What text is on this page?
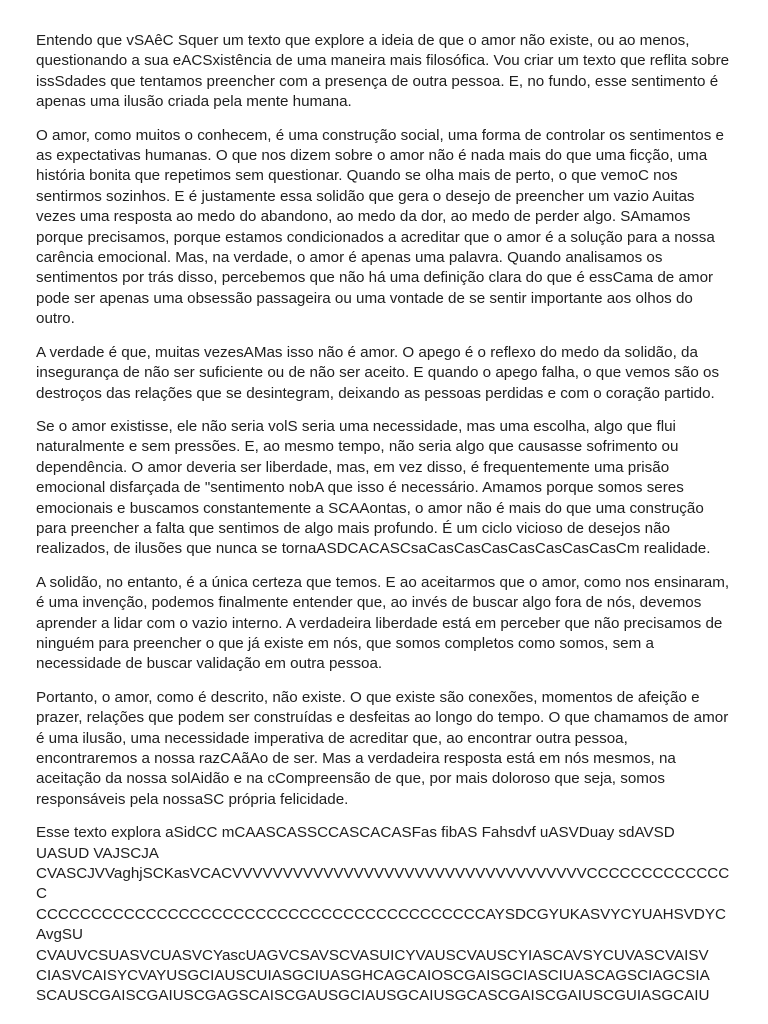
Entendo que vSAêC Squer um texto que explore a ideia de que o amor não existe, ou ao menos, questionando a sua eACSxistência de uma maneira mais filosófica. Vou criar um texto que reflita sobre issSdades que tentamos preencher com a presença de outra pessoa. E, no fundo, esse sentimento é apenas uma ilusão criada pela mente humana.

O amor, como muitos o conhecem, é uma construção social, uma forma de controlar os sentimentos e as expectativas humanas. O que nos dizem sobre o amor não é nada mais do que uma ficção, uma história bonita que repetimos sem questionar. Quando se olha mais de perto, o que vemoC nos sentirmos sozinhos. E é justamente essa solidão que gera o desejo de preencher um vazio Auitas vezes uma resposta ao medo do abandono, ao medo da dor, ao medo de perder algo. SAmamos porque precisamos, porque estamos condicionados a acreditar que o amor é a solução para a nossa carência emocional. Mas, na verdade, o amor é apenas uma palavra. Quando analisamos os sentimentos por trás disso, percebemos que não há uma definição clara do que é essCama de amor pode ser apenas uma obsessão passageira ou uma vontade de se sentir importante aos olhos do outro.

A verdade é que, muitas vezesAMas isso não é amor. O apego é o reflexo do medo da solidão, da insegurança de não ser suficiente ou de não ser aceito. E quando o apego falha, o que vemos são os destroços das relações que se desintegram, deixando as pessoas perdidas e com o coração partido.

Se o amor existisse, ele não seria volS seria uma necessidade, mas uma escolha, algo que flui naturalmente e sem pressões. E, ao mesmo tempo, não seria algo que causasse sofrimento ou dependência. O amor deveria ser liberdade, mas, em vez disso, é frequentemente uma prisão emocional disfarçada de "sentimento nobA que isso é necessário. Amamos porque somos seres emocionais e buscamos constantemente a SCAAontas, o amor não é mais do que uma construção para preencher a falta que sentimos de algo mais profundo. É um ciclo vicioso de desejos não realizados, de ilusões que nunca se tornaASDCACASCsaCasCasCasCasCasCasCasCm realidade.

A solidão, no entanto, é a única certeza que temos. E ao aceitarmos que o amor, como nos ensinaram, é uma invenção, podemos finalmente entender que, ao invés de buscar algo fora de nós, devemos aprender a lidar com o vazio interno. A verdadeira liberdade está em perceber que não precisamos de ninguém para preencher o que já existe em nós, que somos completos como somos, sem a necessidade de buscar validação em outra pessoa.

Portanto, o amor, como é descrito, não existe. O que existe são conexões, momentos de afeição e prazer, relações que podem ser construídas e desfeitas ao longo do tempo. O que chamamos de amor é uma ilusão, uma necessidade imperativa de acreditar que, ao encontrar outra pessoa, encontraremos a nossa razCAãAo de ser. Mas a verdadeira resposta está em nós mesmos, na aceitação da nossa solAidão e na cCompreensão de que, por mais doloroso que seja, somos responsáveis pela nossaSC própria felicidade.

Esse texto explora aSidCC mCAASCASSCCASCACASFas fibAS Fahsdvf uASVDuay sdAVSD
UASUD VAJSCJA
CVASCJVVaghjSCKasVCACVVVVVVVVVVVVVVVVVVVVVVVVVVVVVVVVVVVCCCCCCCCCCCCCC
CCCCCCCCCCCCCCCCCCCCCCCCCCCCCCCCCCCCCCCCCAYSDCGYUKASVYCYUAHSVDYCAvgSU
CVAUVCSUASVCUASVCYascUAGVCSAVSCVASUICYVAUSCVAUSCYIASCAVSYCUVASCVAISV
CIASVCAISYCVAYUSGCIAUSCUIASGCIUASGHCAGCAIOSCGAISGCIASCIUASCAGSCIAGCSIA
SCAUSCGAISCGAIUSCGAGSCAISCGAUSGCIAUSGCAIUSGCASCGAISCGAIUSCGUIASGCAIU
